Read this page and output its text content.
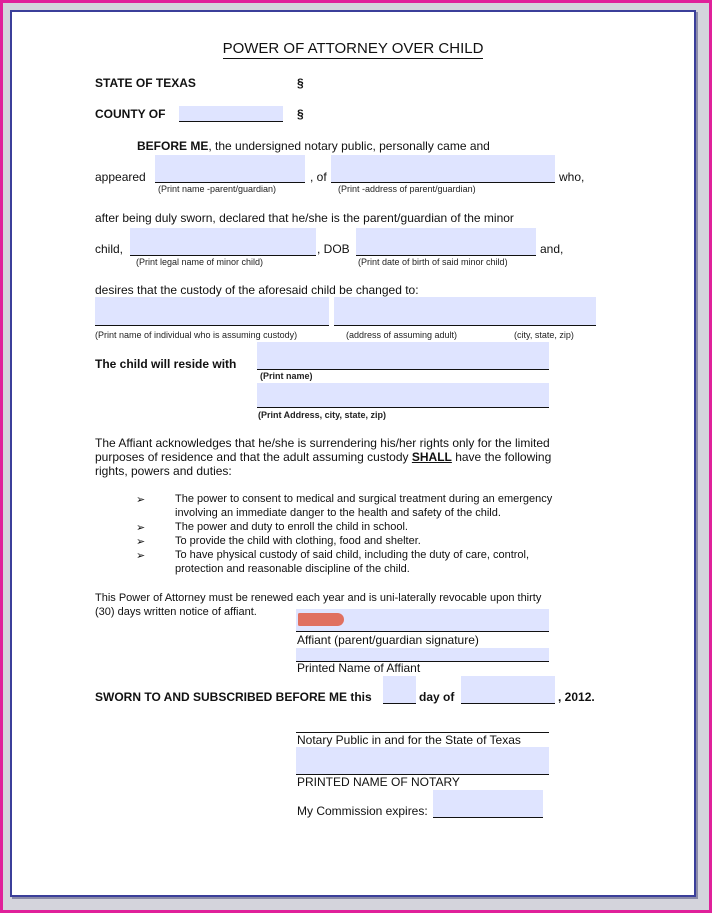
POWER OF ATTORNEY OVER CHILD
STATE OF TEXAS	§
COUNTY OF	§
BEFORE ME, the undersigned notary public, personally came and
appeared	, of	who,
(Print name -parent/guardian)	(Print -address of parent/guardian)
after being duly sworn, declared that he/she is the parent/guardian of the minor
child,	, DOB	and,
(Print legal name of minor child)	(Print date of birth of said minor child)
desires that the custody of the aforesaid child be changed to:
(Print name of individual who is assuming custody)	(address of assuming adult)	(city, state, zip)
The child will reside with
(Print name)
(Print Address, city, state, zip)
The Affiant acknowledges that he/she is surrendering his/her rights only for the limited
purposes of residence and that the adult assuming custody SHALL have the following
rights, powers and duties:
➢	The power to consent to medical and surgical treatment during an emergency
involving an immediate danger to the health and safety of the child.
➢	The power and duty to enroll the child in school.
➢	To provide the child with clothing, food and shelter.
➢	To have physical custody of said child, including the duty of care, control,
protection and reasonable discipline of the child.
This Power of Attorney must be renewed each year and is uni-laterally revocable upon thirty
(30) days written notice of affiant.
Affiant (parent/guardian signature)
Printed Name of Affiant
SWORN TO AND SUBSCRIBED BEFORE ME this	day of	, 2012.
Notary Public in and for the State of Texas
PRINTED NAME OF NOTARY
My Commission expires:
